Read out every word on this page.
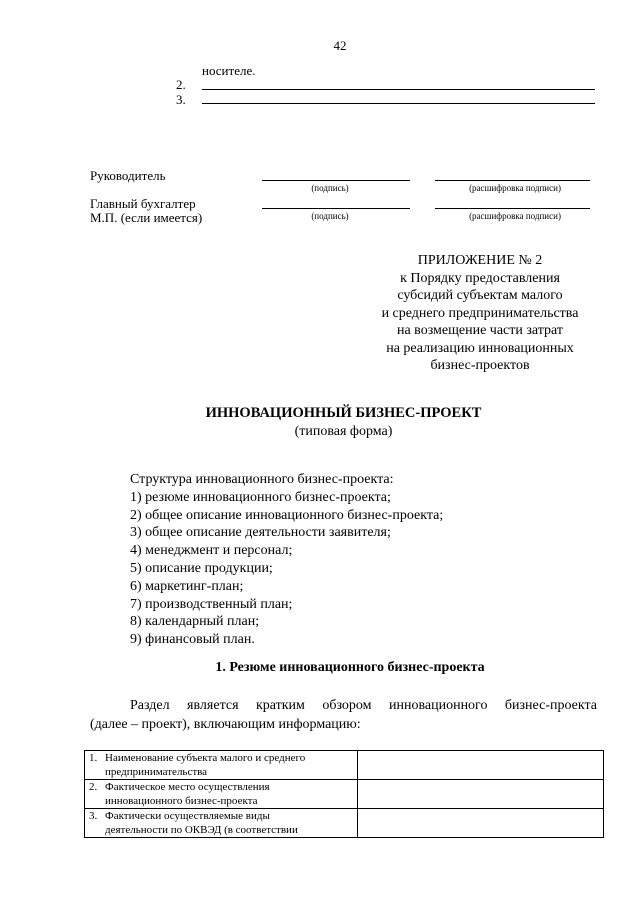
42
носителе.
2.
3.
Руководитель
(подпись)	(расшифровка подписи)
Главный бухгалтер
М.П. (если имеется)	(подпись)	(расшифровка подписи)
ПРИЛОЖЕНИЕ № 2
к Порядку предоставления
субсидий субъектам малого
и среднего предпринимательства
на возмещение части затрат
на реализацию инновационных
бизнес-проектов
ИННОВАЦИОННЫЙ БИЗНЕС-ПРОЕКТ
(типовая форма)
Структура инновационного бизнес-проекта:
1) резюме инновационного бизнес-проекта;
2) общее описание инновационного бизнес-проекта;
3) общее описание деятельности заявителя;
4) менеджмент и персонал;
5) описание продукции;
6) маркетинг-план;
7) производственный план;
8) календарный план;
9) финансовый план.
1. Резюме инновационного бизнес-проекта
Раздел является кратким обзором инновационного бизнес-проекта
(далее – проект), включающим информацию:
1. Наименование субъекта малого и среднего
предпринимательства	

2. Фактическое место осуществления
инновационного бизнес-проекта	

3. Фактически осуществляемые виды
деятельности по ОКВЭД (в соответствии	
